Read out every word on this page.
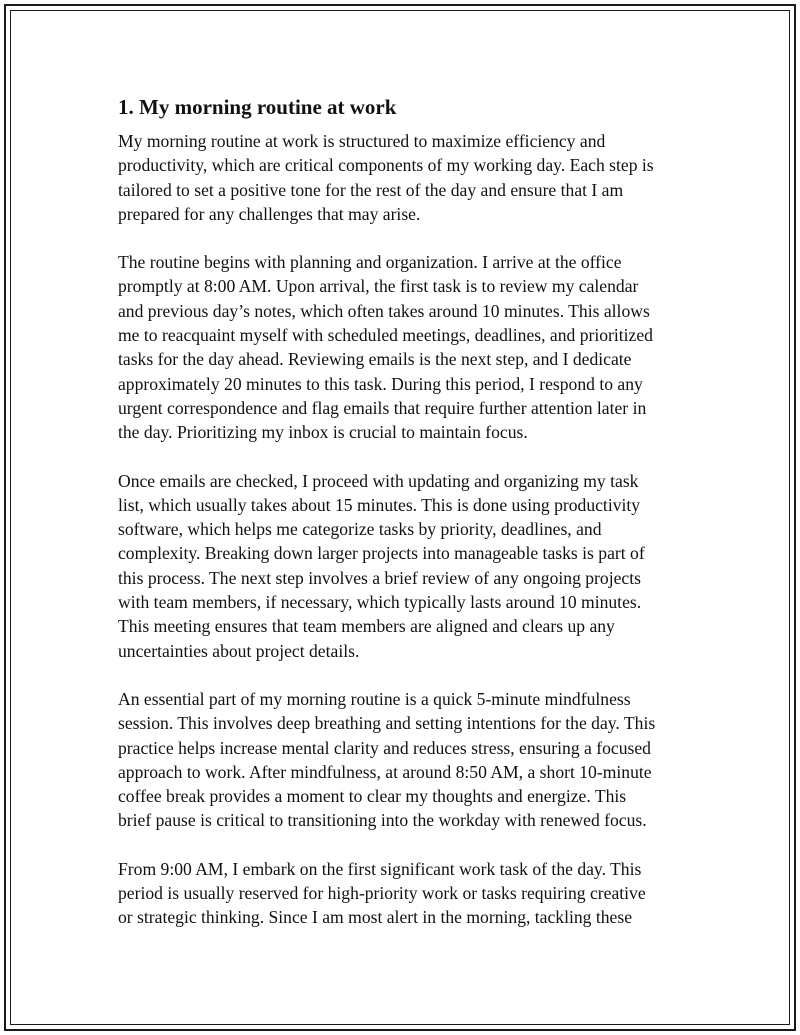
1. My morning routine at work

My morning routine at work is structured to maximize efficiency and
productivity, which are critical components of my working day. Each step is
tailored to set a positive tone for the rest of the day and ensure that I am
prepared for any challenges that may arise.

The routine begins with planning and organization. I arrive at the office
promptly at 8:00 AM. Upon arrival, the first task is to review my calendar
and previous day’s notes, which often takes around 10 minutes. This allows
me to reacquaint myself with scheduled meetings, deadlines, and prioritized
tasks for the day ahead. Reviewing emails is the next step, and I dedicate
approximately 20 minutes to this task. During this period, I respond to any
urgent correspondence and flag emails that require further attention later in
the day. Prioritizing my inbox is crucial to maintain focus.

Once emails are checked, I proceed with updating and organizing my task
list, which usually takes about 15 minutes. This is done using productivity
software, which helps me categorize tasks by priority, deadlines, and
complexity. Breaking down larger projects into manageable tasks is part of
this process. The next step involves a brief review of any ongoing projects
with team members, if necessary, which typically lasts around 10 minutes.
This meeting ensures that team members are aligned and clears up any
uncertainties about project details.

An essential part of my morning routine is a quick 5-minute mindfulness
session. This involves deep breathing and setting intentions for the day. This
practice helps increase mental clarity and reduces stress, ensuring a focused
approach to work. After mindfulness, at around 8:50 AM, a short 10-minute
coffee break provides a moment to clear my thoughts and energize. This
brief pause is critical to transitioning into the workday with renewed focus.

From 9:00 AM, I embark on the first significant work task of the day. This
period is usually reserved for high-priority work or tasks requiring creative
or strategic thinking. Since I am most alert in the morning, tackling these
